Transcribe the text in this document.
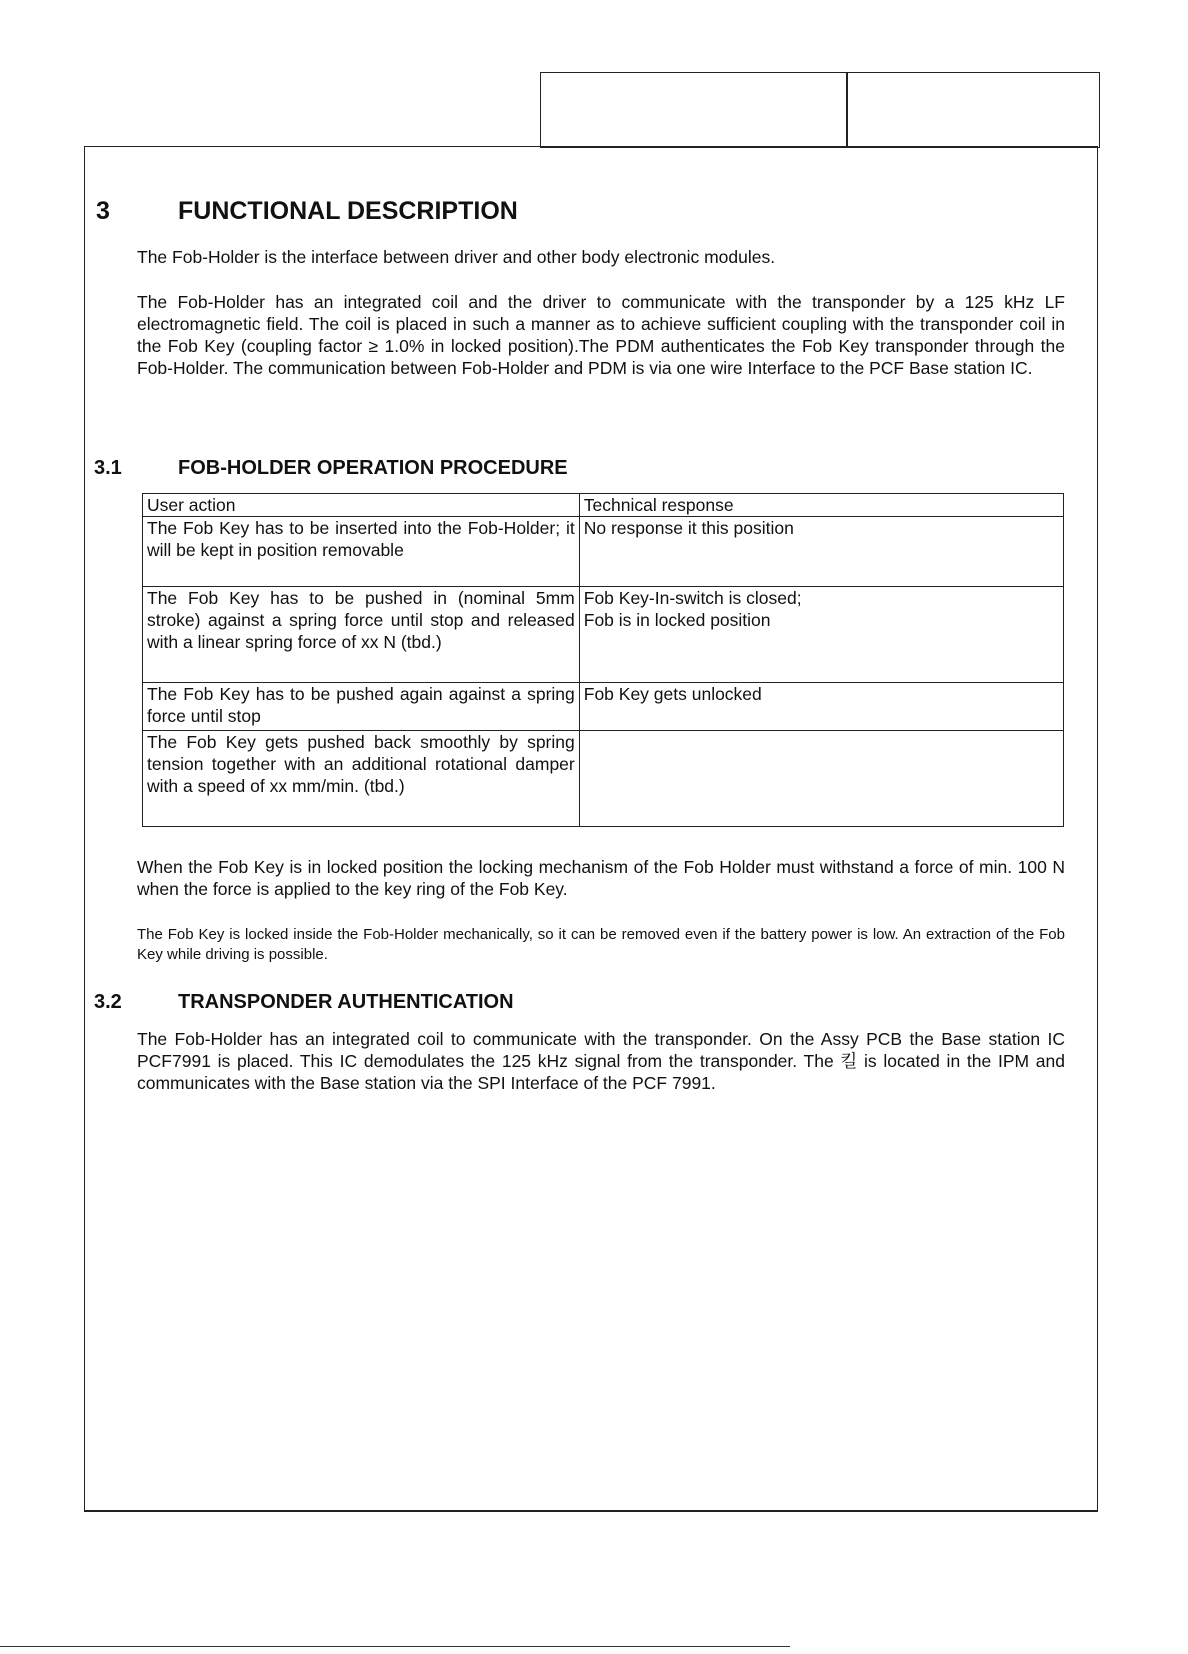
3	FUNCTIONAL DESCRIPTION
The Fob-Holder is the interface between driver and other body electronic modules.
The Fob-Holder has an integrated coil and the driver to communicate with the transponder by a 125 kHz LF electromagnetic field. The coil is placed in such a manner as to achieve sufficient coupling with the transponder coil in the Fob Key (coupling factor ≥ 1.0% in locked position).The PDM authenticates the Fob Key transponder through the Fob-Holder. The communication between Fob-Holder and PDM is via one wire Interface to the PCF Base station IC.
3.1	FOB-HOLDER OPERATION PROCEDURE
User action	Technical response
The Fob Key has to be inserted into the Fob-Holder; it will be kept in position removable	No response it this position

The Fob Key has to be pushed in (nominal 5mm stroke) against a spring force until stop and released with a linear spring force of xx N (tbd.)	Fob Key-In-switch is closed;
Fob is in locked position

The Fob Key has to be pushed again against a spring force until stop	Fob Key gets unlocked

The Fob Key gets pushed back smoothly by spring tension together with an additional rotational damper with a speed of xx mm/min. (tbd.)	
When the Fob Key is in locked position the locking mechanism of the Fob Holder must withstand a force of min. 100 N when the force is applied to the key ring of the Fob Key.
The Fob Key is locked inside the Fob-Holder mechanically, so it can be removed even if the battery power is low. An extraction of the Fob Key while driving is possible.
3.2	TRANSPONDER AUTHENTICATION
The Fob-Holder has an integrated coil to communicate with the transponder. On the Assy PCB the Base station IC PCF7991 is placed. This IC demodulates the 125 kHz signal from the transponder. The 킬 is located in the IPM and communicates with the Base station via the SPI Interface of the PCF 7991.
